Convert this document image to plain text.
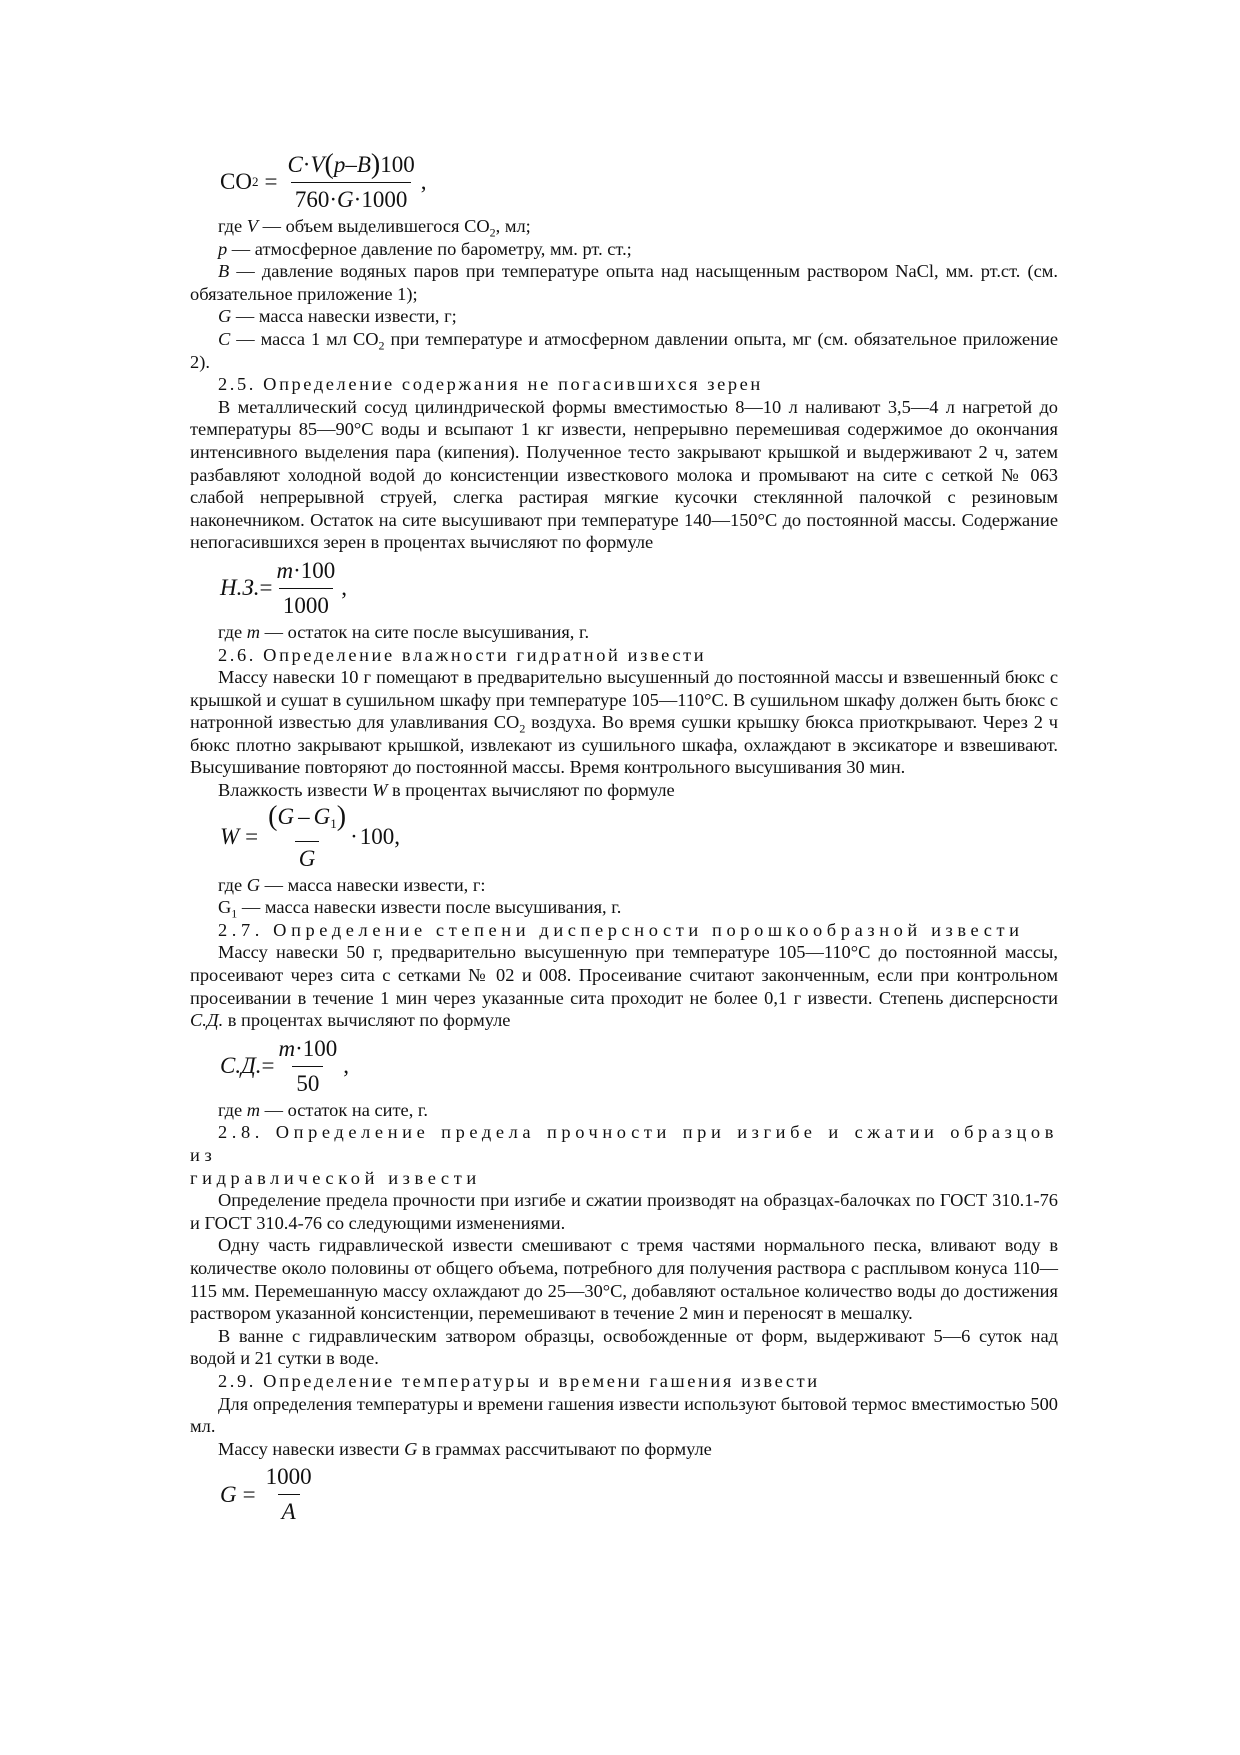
CO $2 = \frac{C\cdot V(p-B)100}{760\cdot G\cdot 1000}$ ,

где V — объем выделившегося $CO_2$, мл;

p — атмосферное давление по барометру, мм. рт. ст.;

B — давление водяных паров при температуре опыта над насыщенным раствором NaCl, мм. рт.ст. (см. обязательное приложение 1);

G — масса навески извести, г;

C — масса 1 мл $CO_2$ при температуре и атмосферном давлении опыта, мг (см. обязательное приложение 2).

2.5. Определение содержания не погасившихся зерен

В металлический сосуд цилиндрической формы вместимостью 8—10 л наливают 3,5—4 л нагретой до температуры 85—90°С воды и всыпают 1 кг извести, непрерывно перемешивая содержимое до окончания интенсивного выделения пара (кипения). Полученное тесто закрывают крышкой и выдерживают 2 ч, затем разбавляют холодной водой до консистенции известкового молока и промывают на сите с сеткой № 063 слабой непрерывной струей, слегка растирая мягкие кусочки стеклянной палочкой с резиновым наконечником. Остаток на сите высушивают при температуре 140—150°С до постоянной массы. Содержание непогасившихся зерен в процентах вычисляют по формуле

Н.З. = $\frac{m\cdot 100}{1000}$ ,

где m — остаток на сите после высушивания, г.

2.6. Определение влажности гидратной извести

Массу навески 10 г помещают в предварительно высушенный до постоянной массы и взвешенный бюкс с крышкой и сушат в сушильном шкафу при температуре 105—110°С. В сушильном шкафу должен быть бюкс с натронной известью для улавливания $CO_2$ воздуха. Во время сушки крышку бюкса приоткрывают. Через 2 ч бюкс плотно закрывают крышкой, извлекают из сушильного шкафа, охлаждают в эксикаторе и взвешивают. Высушивание повторяют до постоянной массы. Время контрольного высушивания 30 мин.

Влажкость извести W в процентах вычисляют по формуле

$W = \frac{(G - G_1)}{G} \cdot 100$,

где G — масса навески извести, г:

$G_1$ — масса навески извести после высушивания, г.

2.7. Определение степени дисперсности порошкообразной извести

Массу навески 50 г, предварительно высушенную при температуре 105—110°С до постоянной массы, просеивают через сита с сетками № 02 и 008. Просеивание считают законченным, если при контрольном просеивании в течение 1 мин через указанные сита проходит не более 0,1 г извести. Степень дисперсности С.Д. в процентах вычисляют по формуле

С.Д. = $\frac{m\cdot 100}{50}$ ,

где m — остаток на сите, г.

2.8. Определение предела прочности при изгибе и сжатии образцов из

гидравлической извести

Определение предела прочности при изгибе и сжатии производят на образцах-балочках по ГОСТ 310.1-76 и ГОСТ 310.4-76 со следующими изменениями.

Одну часть гидравлической извести смешивают с тремя частями нормального песка, вливают воду в количестве около половины от общего объема, потребного для получения раствора с расплывом конуса 110—115 мм. Перемешанную массу охлаждают до 25—30°С, добавляют остальное количество воды до достижения раствором указанной консистенции, перемешивают в течение 2 мин и переносят в мешалку.

В ванне с гидравлическим затвором образцы, освобожденные от форм, выдерживают 5—6 суток над водой и 21 сутки в воде.

2.9. Определение температуры и времени гашения извести

Для определения температуры и времени гашения извести используют бытовой термос вместимостью 500 мл.

Массу навески извести G в граммах рассчитывают по формуле

$G = \frac{1000}{A}$
